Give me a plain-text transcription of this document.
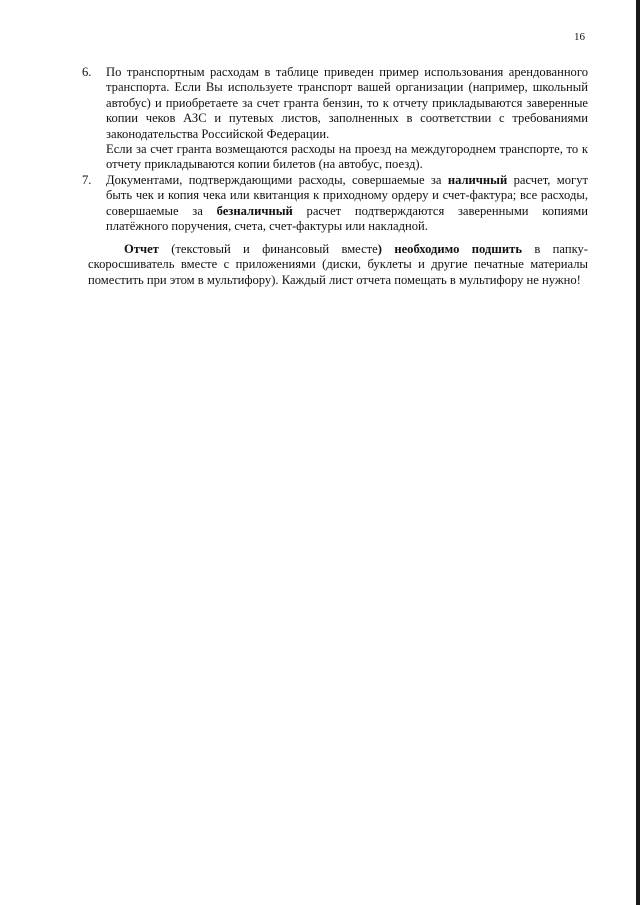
16
6.	По транспортным расходам в таблице приведен пример использования арендованного транспорта. Если Вы используете транспорт вашей организации (например, школьный автобус) и приобретаете за счет гранта бензин, то к отчету прикладываются заверенные копии чеков АЗС и путевых листов, заполненных в соответствии с требованиями законодательства Российской Федерации.

Если за счет гранта возмещаются расходы на проезд на междугороднем транспорте, то к отчету прикладываются копии билетов (на автобус, поезд).

7.	Документами, подтверждающими расходы, совершаемые за наличный расчет, могут быть чек и копия чека или квитанция к приходному ордеру и счет-фактура; все расходы, совершаемые за безналичный расчет подтверждаются заверенными копиями платёжного поручения, счета, счет-фактуры или накладной.

Отчет (текстовый и финансовый вместе) необходимо подшить в папку-скоросшиватель вместе с приложениями (диски, буклеты и другие печатные материалы поместить при этом в мультифору). Каждый лист отчета помещать в мультифору не нужно!
